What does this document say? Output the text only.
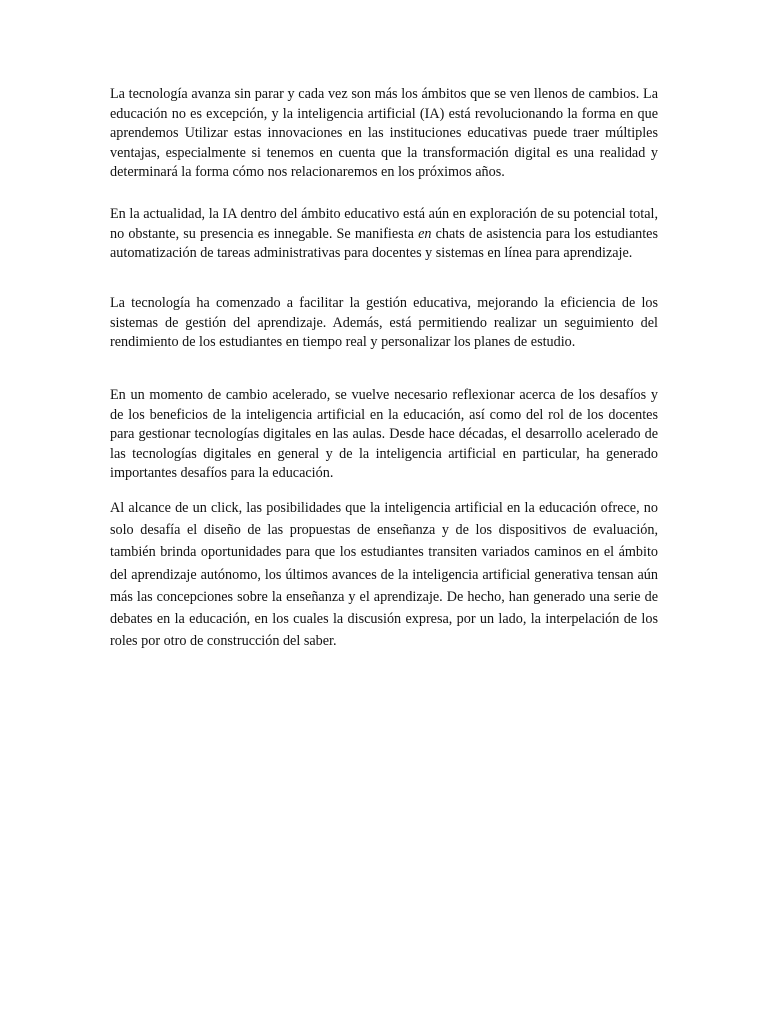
La tecnología avanza sin parar y cada vez son más los ámbitos que se ven llenos de cambios. La educación no es excepción, y la inteligencia artificial (IA) está revolucionando la forma en que aprendemos Utilizar estas innovaciones en las instituciones educativas puede traer múltiples ventajas, especialmente si tenemos en cuenta que la transformación digital es una realidad y determinará la forma cómo nos relacionaremos en los próximos años.

En la actualidad, la IA dentro del ámbito educativo está aún en exploración de su potencial total, no obstante, su presencia es innegable. Se manifiesta en chats de asistencia para los estudiantes automatización de tareas administrativas para docentes y sistemas en línea para aprendizaje.

La tecnología ha comenzado a facilitar la gestión educativa, mejorando la eficiencia de los sistemas de gestión del aprendizaje. Además, está permitiendo realizar un seguimiento del rendimiento de los estudiantes en tiempo real y personalizar los planes de estudio.

En un momento de cambio acelerado, se vuelve necesario reflexionar acerca de los desafíos y de los beneficios de la inteligencia artificial en la educación, así como del rol de los docentes para gestionar tecnologías digitales en las aulas. Desde hace décadas, el desarrollo acelerado de las tecnologías digitales en general y de la inteligencia artificial en particular, ha generado importantes desafíos para la educación.

Al alcance de un click, las posibilidades que la inteligencia artificial en la educación ofrece, no solo desafía el diseño de las propuestas de enseñanza y de los dispositivos de evaluación, también brinda oportunidades para que los estudiantes transiten variados caminos en el ámbito del aprendizaje autónomo, los últimos avances de la inteligencia artificial generativa tensan aún más las concepciones sobre la enseñanza y el aprendizaje. De hecho, han generado una serie de debates en la educación, en los cuales la discusión expresa, por un lado, la interpelación de los roles por otro de construcción del saber.
